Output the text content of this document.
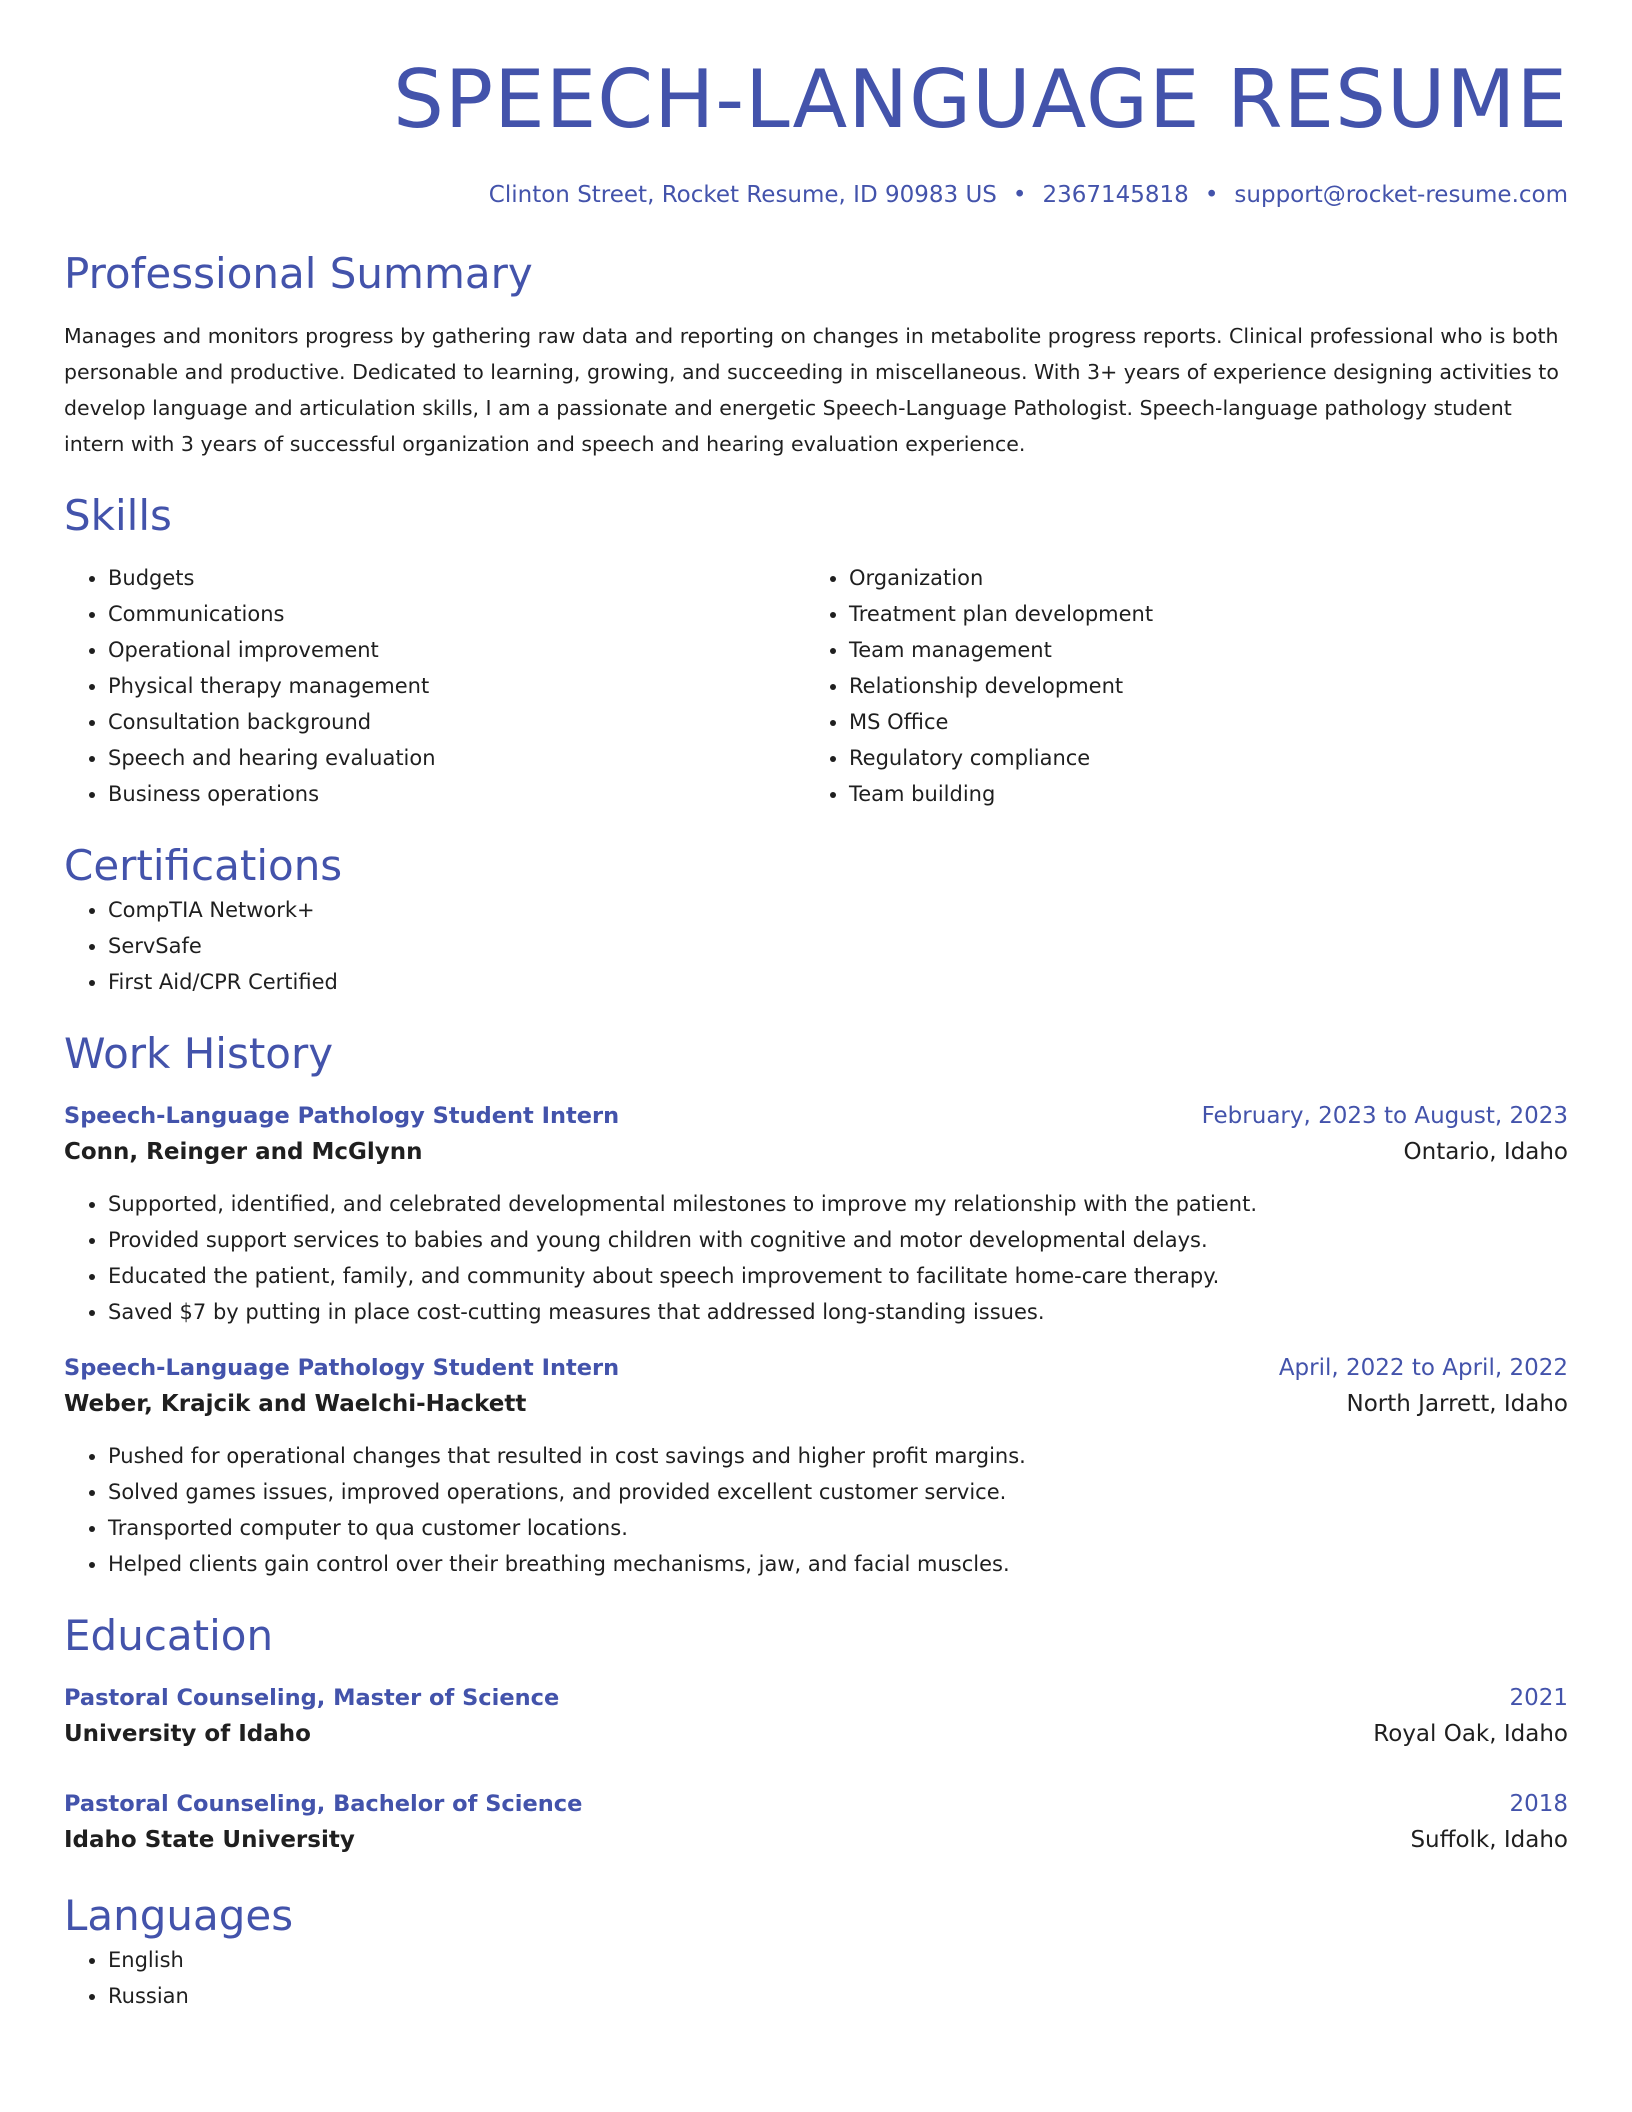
SPEECH-LANGUAGE RESUME
Clinton Street, Rocket Resume, ID 90983 US • 2367145818 • support@rocket-resume.com
Professional Summary
Manages and monitors progress by gathering raw data and reporting on changes in metabolite progress reports. Clinical professional who is both personable and productive. Dedicated to learning, growing, and succeeding in miscellaneous. With 3+ years of experience designing activities to develop language and articulation skills, I am a passionate and energetic Speech-Language Pathologist. Speech-language pathology student intern with 3 years of successful organization and speech and hearing evaluation experience.
Skills
• Budgets
• Communications
• Operational improvement
• Physical therapy management
• Consultation background
• Speech and hearing evaluation
• Business operations
• Organization
• Treatment plan development
• Team management
• Relationship development
• MS Office
• Regulatory compliance
• Team building
Certifications
• CompTIA Network+
• ServSafe
• First Aid/CPR Certified
Work History
Speech-Language Pathology Student Intern	February, 2023 to August, 2023
Conn, Reinger and McGlynn	Ontario, Idaho
• Supported, identified, and celebrated developmental milestones to improve my relationship with the patient.
• Provided support services to babies and young children with cognitive and motor developmental delays.
• Educated the patient, family, and community about speech improvement to facilitate home-care therapy.
• Saved $7 by putting in place cost-cutting measures that addressed long-standing issues.
Speech-Language Pathology Student Intern	April, 2022 to April, 2022
Weber, Krajcik and Waelchi-Hackett	North Jarrett, Idaho
• Pushed for operational changes that resulted in cost savings and higher profit margins.
• Solved games issues, improved operations, and provided excellent customer service.
• Transported computer to qua customer locations.
• Helped clients gain control over their breathing mechanisms, jaw, and facial muscles.
Education
Pastoral Counseling, Master of Science	2021
University of Idaho	Royal Oak, Idaho
Pastoral Counseling, Bachelor of Science	2018
Idaho State University	Suffolk, Idaho
Languages
• English
• Russian
